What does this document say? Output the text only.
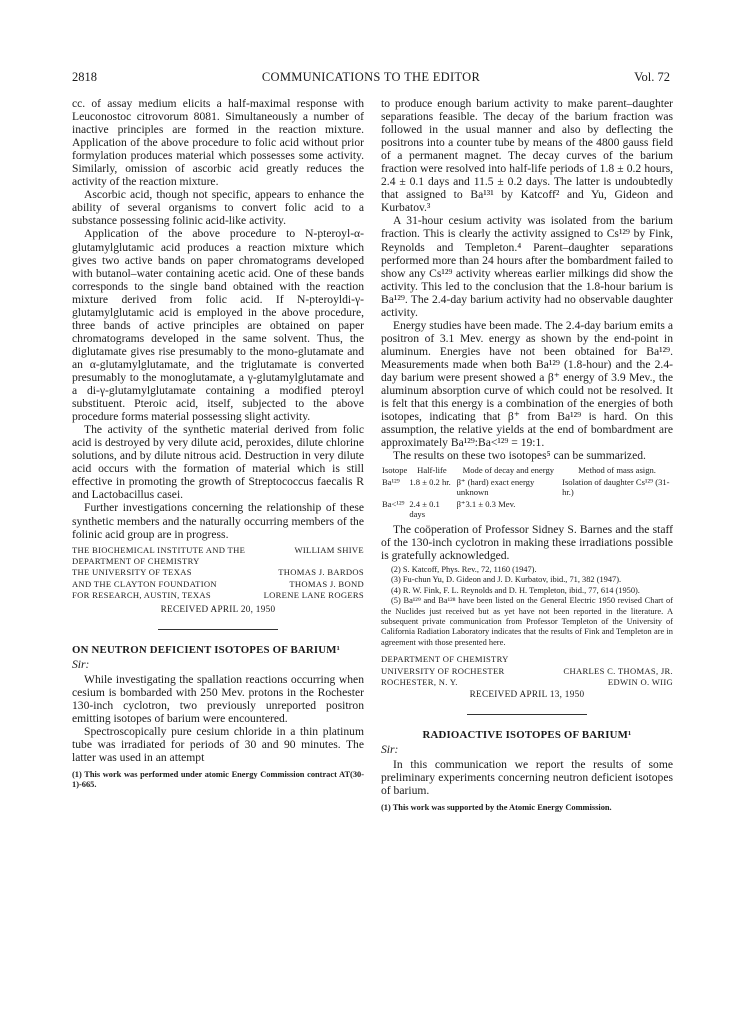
2818	COMMUNICATIONS TO THE EDITOR	Vol. 72

cc. of assay medium elicits a half-maximal response with Leuconostoc citrovorum 8081. Simultaneously a number of inactive principles are formed in the reaction mixture. Application of the above procedure to folic acid without prior formylation produces material which possesses some activity. Similarly, omission of ascorbic acid greatly reduces the activity of the reaction mixture.

Ascorbic acid, though not specific, appears to enhance the ability of several organisms to convert folic acid to a substance possessing folinic acid-like activity.

Application of the above procedure to N-pteroyl-α-glutamylglutamic acid produces a reaction mixture which gives two active bands on paper chromatograms developed with butanol–water containing acetic acid. One of these bands corresponds to the single band obtained with the reaction mixture derived from folic acid. If N-pteroyldi-γ-glutamylglutamic acid is employed in the above procedure, three bands of active principles are obtained on paper chromatograms developed in the same solvent. Thus, the diglutamate gives rise presumably to the mono-glutamate and an α-glutamylglutamate, and the triglutamate is converted presumably to the monoglutamate, a γ-glutamylglutamate and a di-γ-glutamylglutamate containing a modified pteroyl substituent. Pteroic acid, itself, subjected to the above procedure forms material possessing slight activity.

The activity of the synthetic material derived from folic acid is destroyed by very dilute acid, peroxides, dilute chlorine solutions, and by dilute nitrous acid. Destruction in very dilute acid occurs with the formation of material which is still effective in promoting the growth of Streptococcus faecalis R and Lactobacillus casei.

Further investigations concerning the relationship of these synthetic members and the naturally occurring members of the folinic acid group are in progress.

THE BIOCHEMICAL INSTITUTE AND THE	WILLIAM SHIVE
DEPARTMENT OF CHEMISTRY
THE UNIVERSITY OF TEXAS	THOMAS J. BARDOS
AND THE CLAYTON FOUNDATION	THOMAS J. BOND
FOR RESEARCH, AUSTIN, TEXAS	LORENE LANE ROGERS
RECEIVED APRIL 20, 1950
ON NEUTRON DEFICIENT ISOTOPES OF BARIUM¹
Sir:

While investigating the spallation reactions occurring when cesium is bombarded with 250 Mev. protons in the Rochester 130-inch cyclotron, two previously unreported positron emitting isotopes of barium were encountered.

Spectroscopically pure cesium chloride in a thin platinum tube was irradiated for periods of 30 and 90 minutes. The latter was used in an attempt

(1) This work was performed under atomic Energy Commission contract AT(30-1)-665.

to produce enough barium activity to make parent–daughter separations feasible. The decay of the barium fraction was followed in the usual manner and also by deflecting the positrons into a counter tube by means of the 4800 gauss field of a permanent magnet. The decay curves of the barium fraction were resolved into half-life periods of 1.8 ± 0.2 hours, 2.4 ± 0.1 days and 11.5 ± 0.2 days. The latter is undoubtedly that assigned to Ba¹³¹ by Katcoff² and Yu, Gideon and Kurbatov.³

A 31-hour cesium activity was isolated from the barium fraction. This is clearly the activity assigned to Cs¹²⁹ by Fink, Reynolds and Templeton.⁴ Parent–daughter separations performed more than 24 hours after the bombardment failed to show any Cs¹²⁹ activity whereas earlier milkings did show the activity. This led to the conclusion that the 1.8-hour barium is Ba¹²⁹. The 2.4-day barium activity had no observable daughter activity.

Energy studies have been made. The 2.4-day barium emits a positron of 3.1 Mev. energy as shown by the end-point in aluminum. Energies have not been obtained for Ba¹²⁹. Measurements made when both Ba¹²⁹ (1.8-hour) and the 2.4-day barium were present showed a β⁺ energy of 3.9 Mev., the aluminum absorption curve of which could not be resolved. It is felt that this energy is a combination of the energies of both isotopes, indicating that β⁺ from Ba¹²⁹ is hard. On this assumption, the relative yields at the end of bombardment are approximately Ba¹²⁹:Ba<¹²⁹ = 19:1.

The results on these two isotopes⁵ can be summarized.

Isotope	Half-life	Mode of decay and energy	Method of mass asign.
Ba¹²⁹	1.8 ± 0.2 hr.	β⁺ (hard) exact energy unknown	Isolation of daughter Cs¹²⁹ (31-hr.)
Ba<¹²⁹	2.4 ± 0.1 days	β⁺3.1 ± 0.3 Mev.	

The coöperation of Professor Sidney S. Barnes and the staff of the 130-inch cyclotron in making these irradiations possible is gratefully acknowledged.

(2) S. Katcoff, Phys. Rev., 72, 1160 (1947).

(3) Fu-chun Yu, D. Gideon and J. D. Kurbatov, ibid., 71, 382 (1947).

(4) R. W. Fink, F. L. Reynolds and D. H. Templeton, ibid., 77, 614 (1950).

(5) Ba¹²⁹ and Ba¹²⁸ have been listed on the General Electric 1950 revised Chart of the Nuclides just received but as yet have not been reported in the literature. A subsequent private communication from Professor Templeton of the University of California Radiation Laboratory indicates that the results of Fink and Templeton are in agreement with those presented here.

DEPARTMENT OF CHEMISTRY
UNIVERSITY OF ROCHESTER	CHARLES C. THOMAS, JR.
ROCHESTER, N. Y.	EDWIN O. WIIG
RECEIVED APRIL 13, 1950
RADIOACTIVE ISOTOPES OF BARIUM¹
Sir:

In this communication we report the results of some preliminary experiments concerning neutron deficient isotopes of barium.

(1) This work was supported by the Atomic Energy Commission.
